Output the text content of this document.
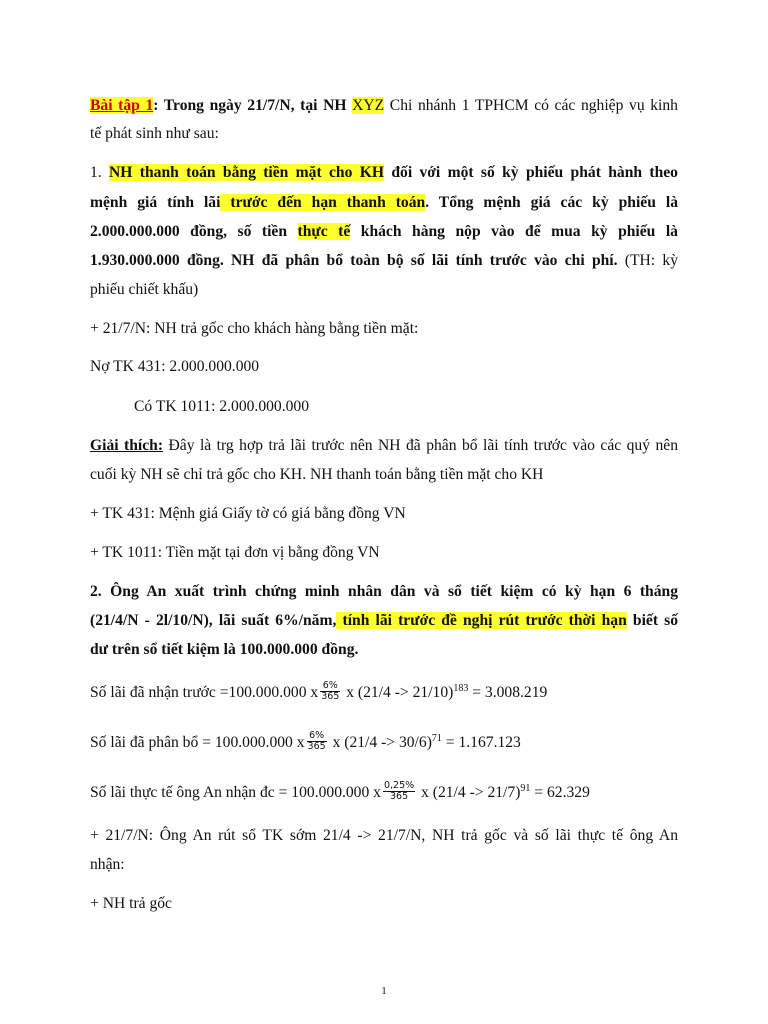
Bài tập 1: Trong ngày 21/7/N, tại NH XYZ Chi nhánh 1 TPHCM có các nghiệp vụ kinh
tế phát sinh như sau:
1. NH thanh toán bằng tiền mặt cho KH đối với một số kỳ phiếu phát hành theo
mệnh giá tính lãi trước đến hạn thanh toán. Tổng mệnh giá các kỳ phiếu là
2.000.000.000 đồng, số tiền thực tế khách hàng nộp vào để mua kỳ phiếu là
1.930.000.000 đồng. NH đã phân bổ toàn bộ số lãi tính trước vào chi phí. (TH: kỳ
phiếu chiết khấu)
+ 21/7/N: NH trả gốc cho khách hàng bằng tiền mặt:
Nợ TK 431: 2.000.000.000
Có TK 1011: 2.000.000.000
Giải thích: Đây là trg hợp trả lãi trước nên NH đã phân bổ lãi tính trước vào các quý nên
cuối kỳ NH sẽ chỉ trả gốc cho KH. NH thanh toán bằng tiền mặt cho KH
+ TK 431: Mệnh giá Giấy tờ có giá bằng đồng VN
+ TK 1011: Tiền mặt tại đơn vị bằng đồng VN
2. Ông An xuất trình chứng minh nhân dân và sổ tiết kiệm có kỳ hạn 6 tháng
(21/4/N - 2l/10/N), lãi suất 6%/năm, tính lãi trước đề nghị rút trước thời hạn biết số
dư trên sổ tiết kiệm là 100.000.000 đồng.
Số lãi đã nhận trước =100.000.000 x $\frac{6\%}{365}$ x (21/4 -> 21/10)$^{183}$ = 3.008.219
Số lãi đã phân bổ = 100.000.000 x $\frac{6\%}{365}$ x (21/4 -> 30/6)$^{71}$ = 1.167.123
Số lãi thực tế ông An nhận đc = 100.000.000 x $\frac{0,25\%}{365}$ x (21/4 -> 21/7)$^{91}$ = 62.329
+ 21/7/N: Ông An rút sổ TK sớm 21/4 -> 21/7/N, NH trả gốc và số lãi thực tế ông An
nhận:
+ NH trả gốc
1
